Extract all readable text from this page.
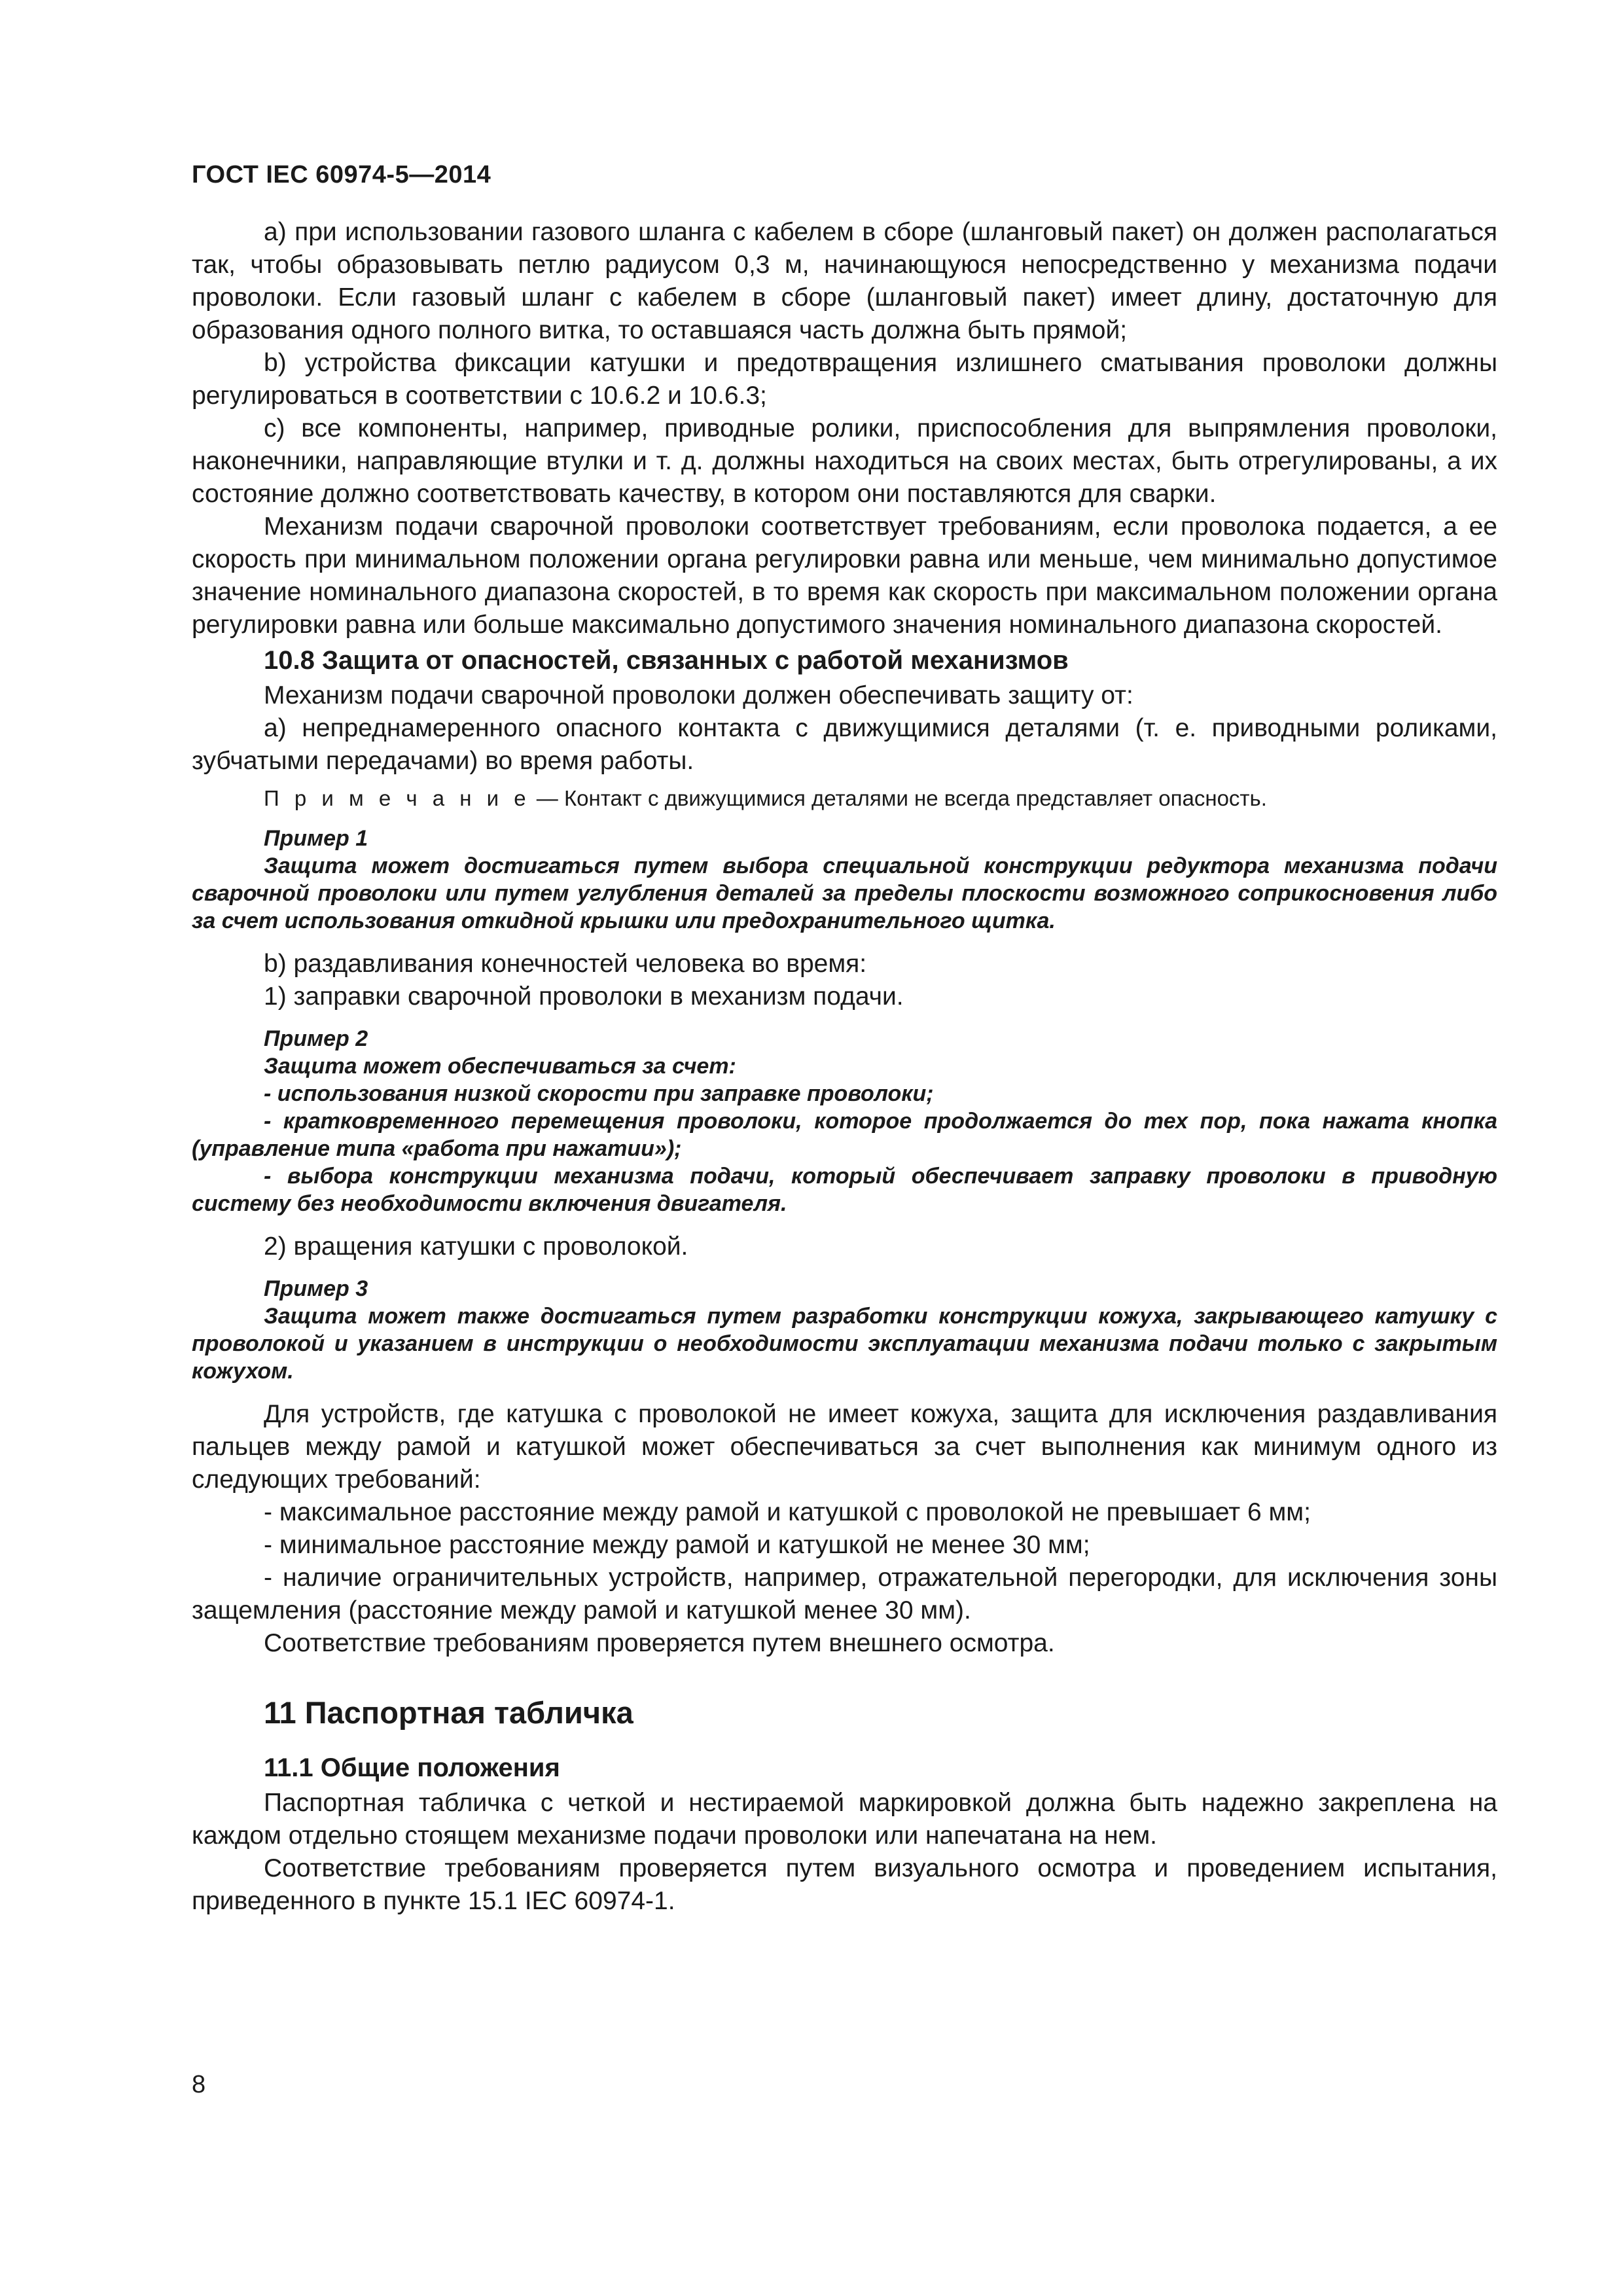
ГОСТ IEC 60974-5—2014

a) при использовании газового шланга с кабелем в сборе (шланговый пакет) он должен располагаться так, чтобы образовывать петлю радиусом 0,3 м, начинающуюся непосредственно у механизма подачи проволоки. Если газовый шланг с кабелем в сборе (шланговый пакет) имеет длину, достаточную для образования одного полного витка, то оставшаяся часть должна быть прямой;

b) устройства фиксации катушки и предотвращения излишнего сматывания проволоки должны регулироваться в соответствии с 10.6.2 и 10.6.3;

c) все компоненты, например, приводные ролики, приспособления для выпрямления проволоки, наконечники, направляющие втулки и т. д. должны находиться на своих местах, быть отрегулированы, а их состояние должно соответствовать качеству, в котором они поставляются для сварки.

Механизм подачи сварочной проволоки соответствует требованиям, если проволока подается, а ее скорость при минимальном положении органа регулировки равна или меньше, чем минимально допустимое значение номинального диапазона скоростей, в то время как скорость при максимальном положении органа регулировки равна или больше максимально допустимого значения номинального диапазона скоростей.

10.8 Защита от опасностей, связанных с работой механизмов

Механизм подачи сварочной проволоки должен обеспечивать защиту от:

a) непреднамеренного опасного контакта с движущимися деталями (т. е. приводными роликами, зубчатыми передачами) во время работы.

П р и м е ч а н и е — Контакт с движущимися деталями не всегда представляет опасность.

Пример 1

Защита может достигаться путем выбора специальной конструкции редуктора механизма подачи сварочной проволоки или путем углубления деталей за пределы плоскости возможного соприкосновения либо за счет использования откидной крышки или предохранительного щитка.

b) раздавливания конечностей человека во время:

1) заправки сварочной проволоки в механизм подачи.

Пример 2

Защита может обеспечиваться за счет:

- использования низкой скорости при заправке проволоки;

- кратковременного перемещения проволоки, которое продолжается до тех пор, пока нажата кнопка (управление типа «работа при нажатии»);

- выбора конструкции механизма подачи, который обеспечивает заправку проволоки в приводную систему без необходимости включения двигателя.

2) вращения катушки с проволокой.

Пример 3

Защита может также достигаться путем разработки конструкции кожуха, закрывающего катушку с проволокой и указанием в инструкции о необходимости эксплуатации механизма подачи только с закрытым кожухом.

Для устройств, где катушка с проволокой не имеет кожуха, защита для исключения раздавливания пальцев между рамой и катушкой может обеспечиваться за счет выполнения как минимум одного из следующих требований:

- максимальное расстояние между рамой и катушкой с проволокой не превышает 6 мм;

- минимальное расстояние между рамой и катушкой не менее 30 мм;

- наличие ограничительных устройств, например, отражательной перегородки, для исключения зоны защемления (расстояние между рамой и катушкой менее 30 мм).

Соответствие требованиям проверяется путем внешнего осмотра.

11 Паспортная табличка

11.1 Общие положения

Паспортная табличка с четкой и нестираемой маркировкой должна быть надежно закреплена на каждом отдельно стоящем механизме подачи проволоки или напечатана на нем.

Соответствие требованиям проверяется путем визуального осмотра и проведением испытания, приведенного в пункте 15.1 IEC 60974-1.

8
